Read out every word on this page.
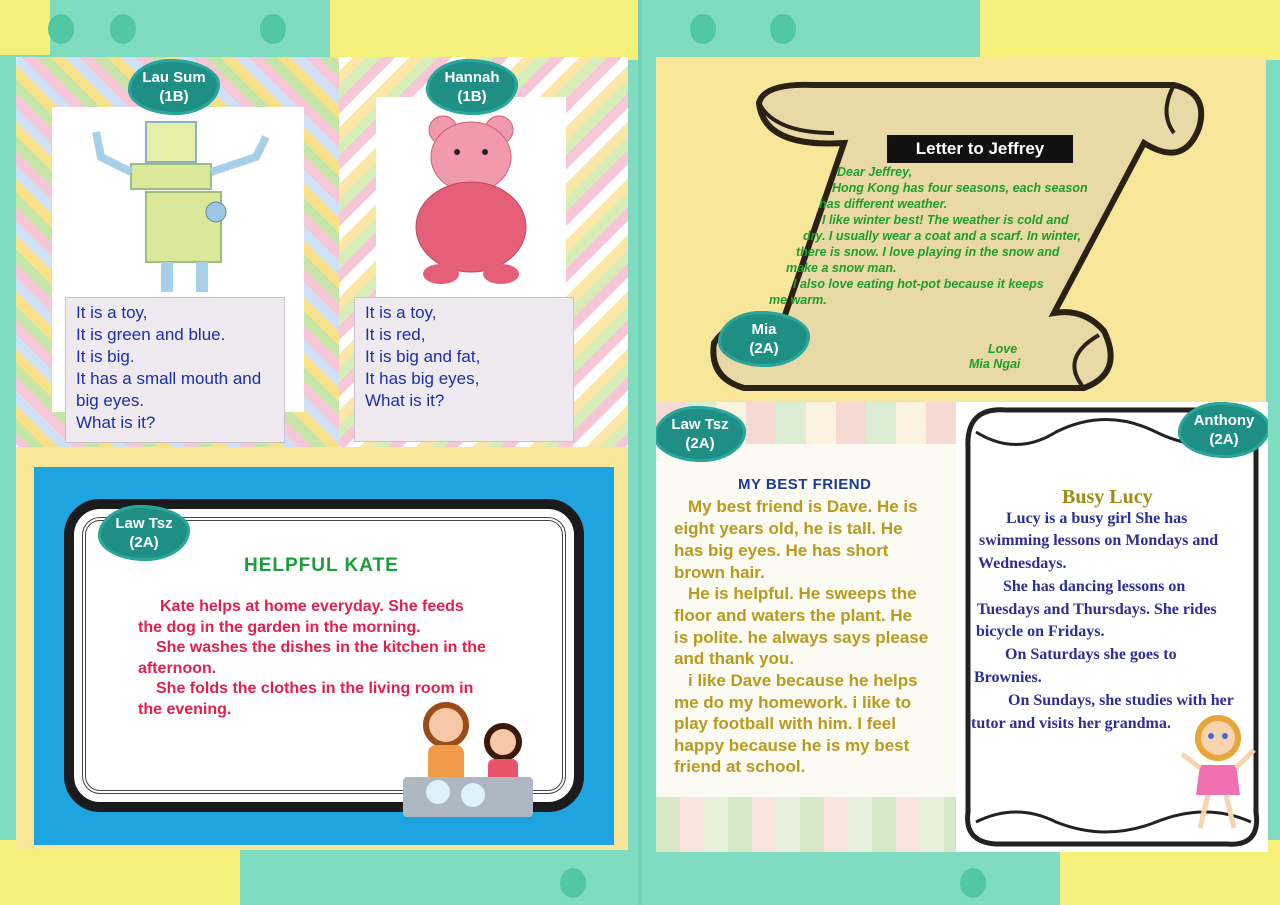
It is a toy,
It is green and blue.
It is big.
It has a small mouth and
big eyes.
What is it?
Lau Sum
(1B)
It is a toy,
It is red,
It is big and fat,
It has big eyes,
What is it?
Hannah
(1B)
HELPFUL KATE
Kate helps at home everyday. She feeds
the dog in the garden in the morning.
She washes the dishes in the kitchen in the
afternoon.
She folds the clothes in the living room in
the evening.
Law Tsz
(2A)
Letter to Jeffrey
Dear Jeffrey,
Hong Kong has four seasons, each season
has different weather.
I like winter best! The weather is cold and
dry. I usually wear a coat and a scarf. In winter,
there is snow. I love playing in the snow and
make a snow man.
I also love eating hot-pot because it keeps
me warm.
Love
Mia Ngai
Mia
(2A)
MY BEST FRIEND
My best friend is Dave. He is
eight years old, he is tall. He
has big eyes. He has short
brown hair.
He is helpful. He sweeps the
floor and waters the plant. He
is polite. he always says please
and thank you.
i like Dave because he helps
me do my homework. i like to
play football with him. I feel
happy because he is my best
friend at school.
Law Tsz
(2A)
Busy Lucy
Lucy is a busy girl She has
swimming lessons on Mondays and
Wednesdays.
She has dancing lessons on
Tuesdays and Thursdays. She rides
bicycle on Fridays.
On Saturdays she goes to
Brownies.
On Sundays, she studies with her
tutor and visits her grandma.
Anthony
(2A)
